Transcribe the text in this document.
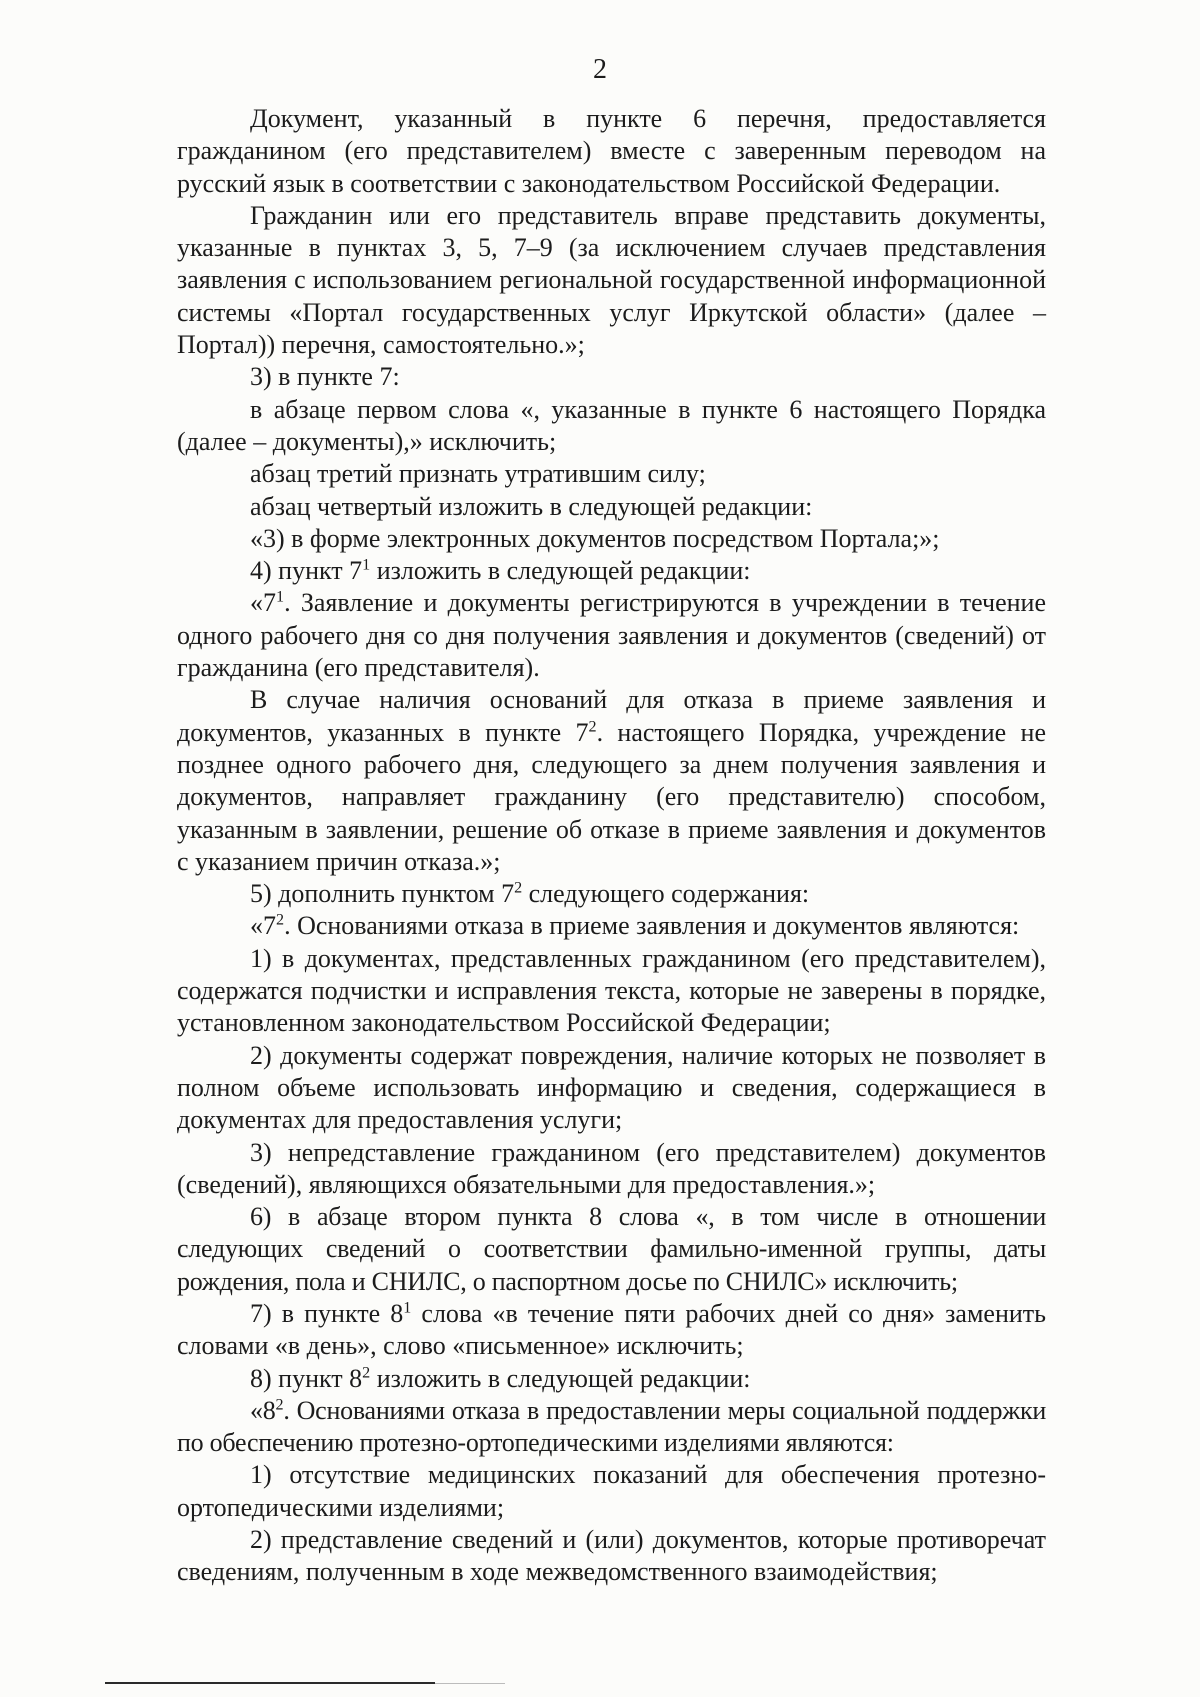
2

Документ, указанный в пункте 6 перечня, предоставляется гражданином (его представителем) вместе с заверенным переводом на русский язык в соответствии с законодательством Российской Федерации.

Гражданин или его представитель вправе представить документы, указанные в пунктах 3, 5, 7–9 (за исключением случаев представления заявления с использованием региональной государственной информационной системы «Портал государственных услуг Иркутской области» (далее – Портал)) перечня, самостоятельно.»;

3) в пункте 7:

в абзаце первом слова «, указанные в пункте 6 настоящего Порядка (далее – документы),» исключить;

абзац третий признать утратившим силу;

абзац четвертый изложить в следующей редакции:

«3) в форме электронных документов посредством Портала;»;

4) пункт $7^1$ изложить в следующей редакции:

«$7^1$. Заявление и документы регистрируются в учреждении в течение одного рабочего дня со дня получения заявления и документов (сведений) от гражданина (его представителя).

В случае наличия оснований для отказа в приеме заявления и документов, указанных в пункте $7^2$. настоящего Порядка, учреждение не позднее одного рабочего дня, следующего за днем получения заявления и документов, направляет гражданину (его представителю) способом, указанным в заявлении, решение об отказе в приеме заявления и документов с указанием причин отказа.»;

5) дополнить пунктом $7^2$ следующего содержания:

«$7^2$. Основаниями отказа в приеме заявления и документов являются:

1) в документах, представленных гражданином (его представителем), содержатся подчистки и исправления текста, которые не заверены в порядке, установленном законодательством Российской Федерации;

2) документы содержат повреждения, наличие которых не позволяет в полном объеме использовать информацию и сведения, содержащиеся в документах для предоставления услуги;

3) непредставление гражданином (его представителем) документов (сведений), являющихся обязательными для предоставления.»;

6) в абзаце втором пункта 8 слова «, в том числе в отношении следующих сведений о соответствии фамильно-именной группы, даты рождения, пола и СНИЛС, о паспортном досье по СНИЛС» исключить;

7) в пункте $8^1$ слова «в течение пяти рабочих дней со дня» заменить словами «в день», слово «письменное» исключить;

8) пункт $8^2$ изложить в следующей редакции:

«$8^2$. Основаниями отказа в предоставлении меры социальной поддержки по обеспечению протезно-ортопедическими изделиями являются:

1) отсутствие медицинских показаний для обеспечения протезно-ортопедическими изделиями;

2) представление сведений и (или) документов, которые противоречат сведениям, полученным в ходе межведомственного взаимодействия;
